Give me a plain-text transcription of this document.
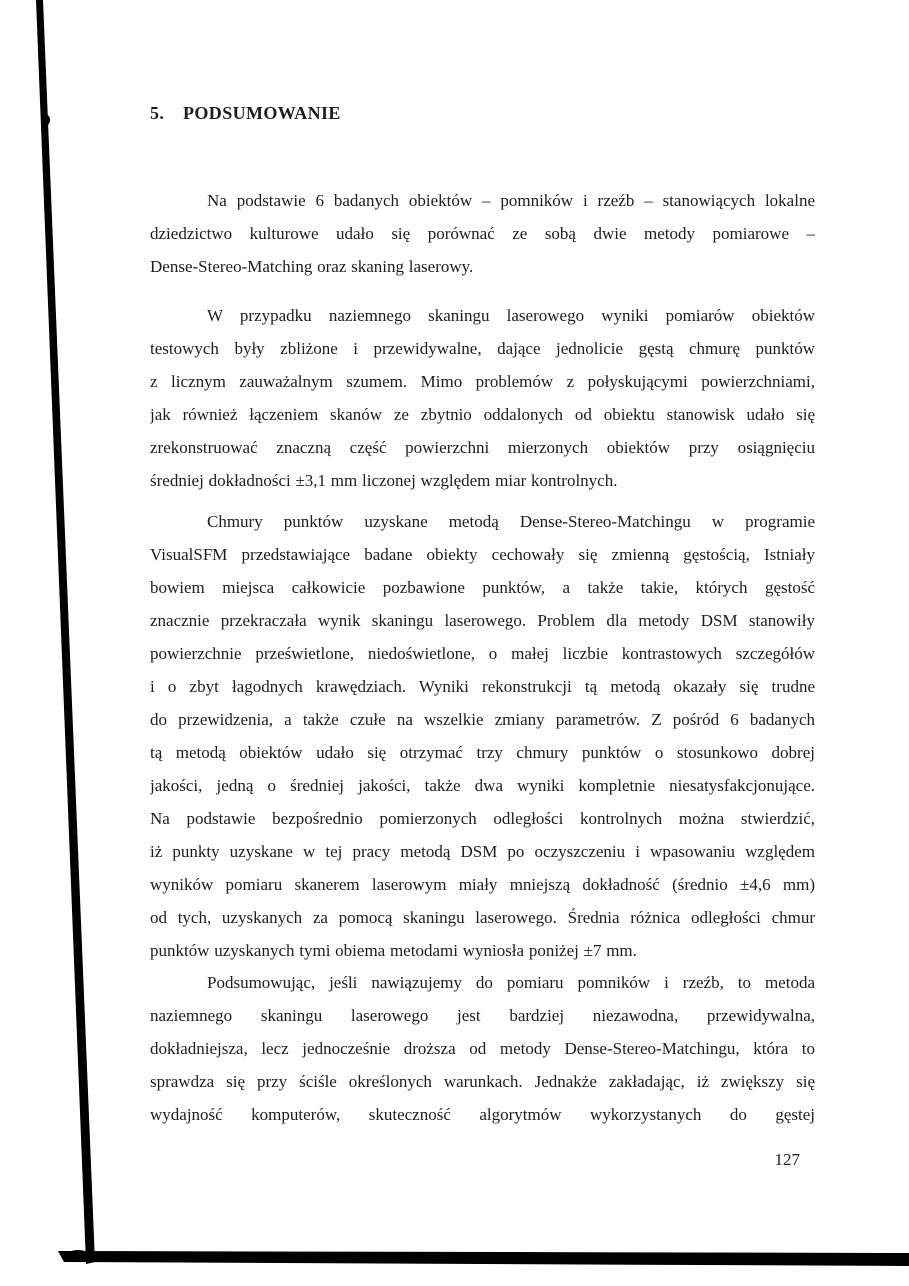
5. PODSUMOWANIE
Na podstawie 6 badanych obiektów – pomników i rzeźb – stanowiących lokalne
dziedzictwo kulturowe udało się porównać ze sobą dwie metody pomiarowe –
Dense-Stereo-Matching oraz skaning laserowy.
W przypadku naziemnego skaningu laserowego wyniki pomiarów obiektów
testowych były zbliżone i przewidywalne, dające jednolicie gęstą chmurę punktów
z licznym zauważalnym szumem. Mimo problemów z połyskującymi powierzchniami,
jak również łączeniem skanów ze zbytnio oddalonych od obiektu stanowisk udało się
zrekonstruować znaczną część powierzchni mierzonych obiektów przy osiągnięciu
średniej dokładności ±3,1 mm liczonej względem miar kontrolnych.
Chmury punktów uzyskane metodą Dense-Stereo-Matchingu w programie
VisualSFM przedstawiające badane obiekty cechowały się zmienną gęstością, Istniały
bowiem miejsca całkowicie pozbawione punktów, a także takie, których gęstość
znacznie przekraczała wynik skaningu laserowego. Problem dla metody DSM stanowiły
powierzchnie prześwietlone, niedoświetlone, o małej liczbie kontrastowych szczegółów
i o zbyt łagodnych krawędziach. Wyniki rekonstrukcji tą metodą okazały się trudne
do przewidzenia, a także czułe na wszelkie zmiany parametrów. Z pośród 6 badanych
tą metodą obiektów udało się otrzymać trzy chmury punktów o stosunkowo dobrej
jakości, jedną o średniej jakości, także dwa wyniki kompletnie niesatysfakcjonujące.
Na podstawie bezpośrednio pomierzonych odległości kontrolnych można stwierdzić,
iż punkty uzyskane w tej pracy metodą DSM po oczyszczeniu i wpasowaniu względem
wyników pomiaru skanerem laserowym miały mniejszą dokładność (średnio ±4,6 mm)
od tych, uzyskanych za pomocą skaningu laserowego. Średnia różnica odległości chmur
punktów uzyskanych tymi obiema metodami wyniosła poniżej ±7 mm.
Podsumowując, jeśli nawiązujemy do pomiaru pomników i rzeźb, to metoda
naziemnego skaningu laserowego jest bardziej niezawodna, przewidywalna,
dokładniejsza, lecz jednocześnie droższa od metody Dense-Stereo-Matchingu, która to
sprawdza się przy ściśle określonych warunkach. Jednakże zakładając, iż zwiększy się
wydajność komputerów, skuteczność algorytmów wykorzystanych do gęstej
127
